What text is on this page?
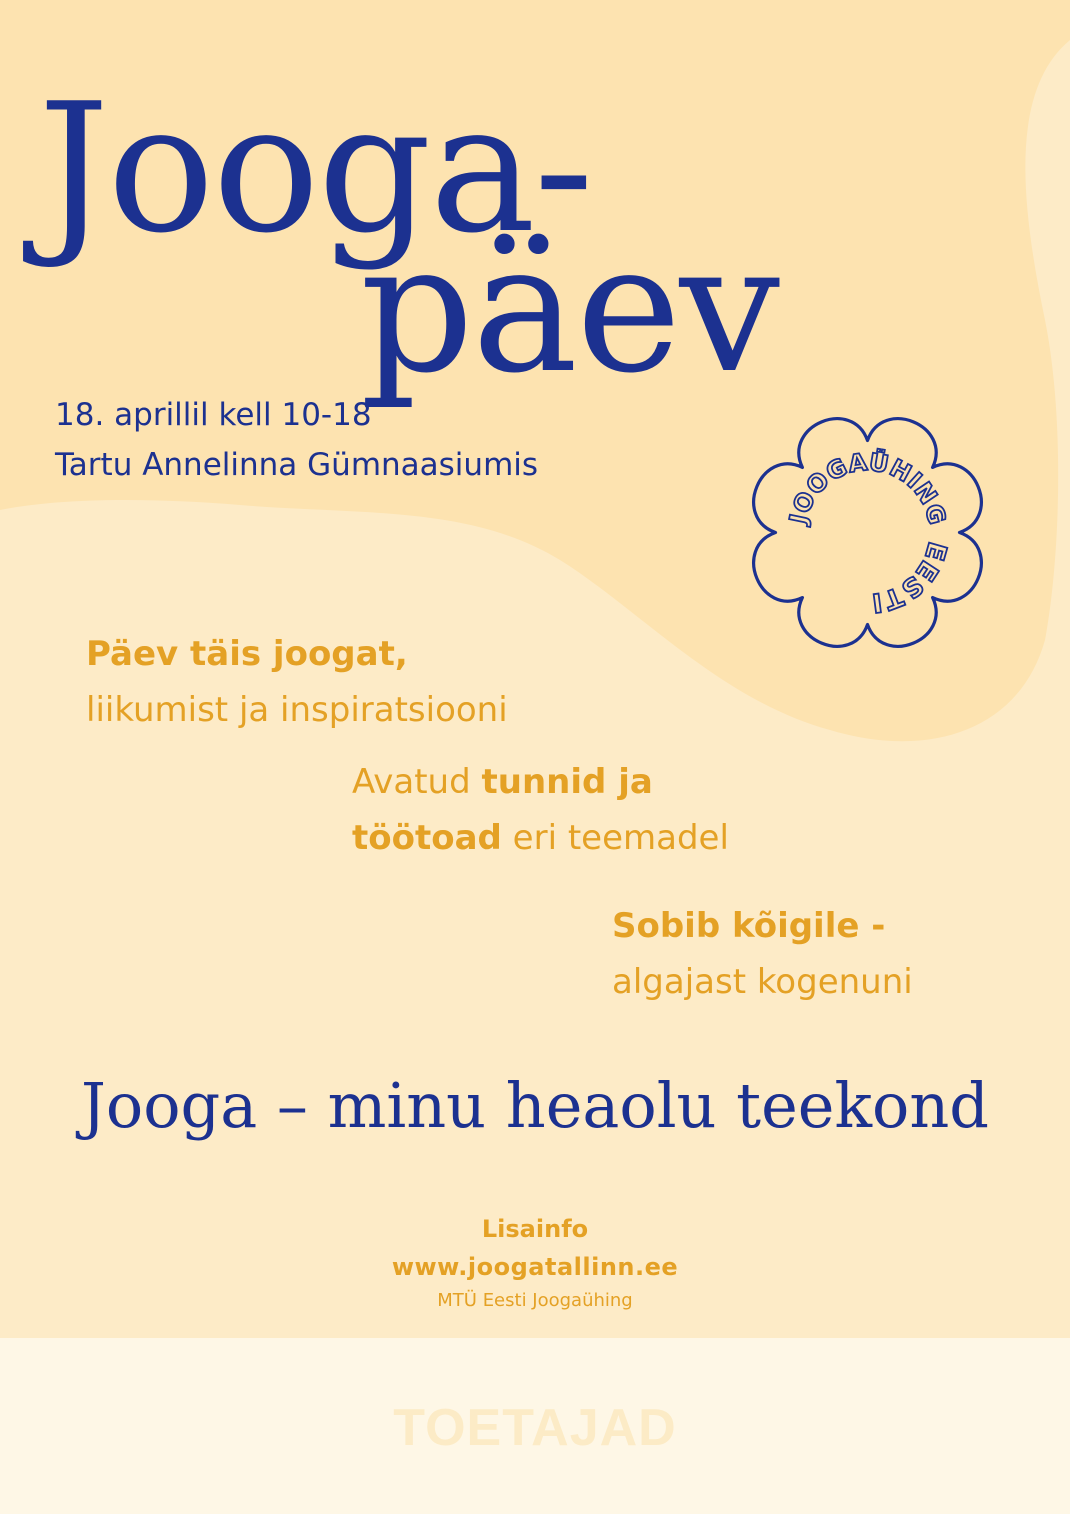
Jooga-
päev
18. aprillil kell 10-18
Tartu Annelinna Gümnaasiumis
EESTI
JOOGAÜHING
Päev täis joogat,
liikumist ja inspiratsiooni
Avatud tunnid ja
töötoad eri teemadel
Sobib kõigile -
algajast kogenuni
Jooga – minu heaolu teekond
Lisainfo
www.joogatallinn.ee
MTÜ Eesti Joogaühing
TOETAJAD
